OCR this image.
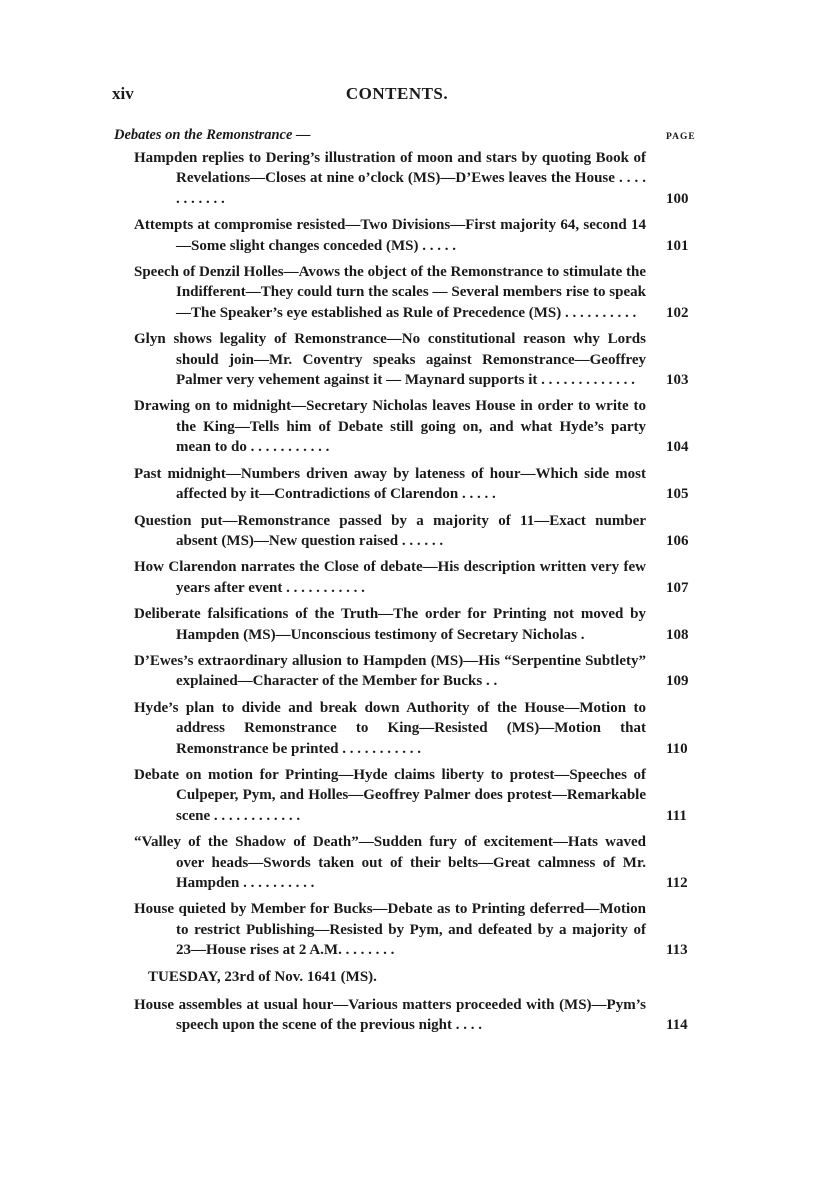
xiv	CONTENTS.
Debates on the Remonstrance —	PAGE
Hampden replies to Dering’s illustration of moon and stars by quoting Book of Revelations—Closes at nine o’clock (MS)—D’Ewes leaves the House . . . . . . . . . . .	100
Attempts at compromise resisted—Two Divisions—First majority 64, second 14—Some slight changes conceded (MS) . . . . .	101
Speech of Denzil Holles—Avows the object of the Remonstrance to stimulate the Indifferent—They could turn the scales — Several members rise to speak—The Speaker’s eye established as Rule of Precedence (MS) . . . . . . . . . . 102
Glyn shows legality of Remonstrance—No constitutional reason why Lords should join—Mr. Coventry speaks against Remonstrance—Geoffrey Palmer very vehement against it — Maynard supports it . . . . . . . . . . . . . 103
Drawing on to midnight—Secretary Nicholas leaves House in order to write to the King—Tells him of Debate still going on, and what Hyde’s party mean to do . . . . . . . . . . .	104
Past midnight—Numbers driven away by lateness of hour—Which side most affected by it—Contradictions of Clarendon . . . . .	105
Question put—Remonstrance passed by a majority of 11—Exact number absent (MS)—New question raised . . . . . .	106
How Clarendon narrates the Close of debate—His description written very few years after event . . . . . . . . . . .	107
Deliberate falsifications of the Truth—The order for Printing not moved by Hampden (MS)—Unconscious testimony of Secretary Nicholas .	108
D’Ewes’s extraordinary allusion to Hampden (MS)—His “Serpentine Subtlety” explained—Character of the Member for Bucks . .	109
Hyde’s plan to divide and break down Authority of the House—Motion to address Remonstrance to King—Resisted (MS)—Motion that Remonstrance be printed . . . . . . . . . . .	110
Debate on motion for Printing—Hyde claims liberty to protest—Speeches of Culpeper, Pym, and Holles—Geoffrey Palmer does protest—Remarkable scene . . . . . . . . . . . .	111
“Valley of the Shadow of Death”—Sudden fury of excitement—Hats waved over heads—Swords taken out of their belts—Great calmness of Mr. Hampden . . . . . . . . . .	112
House quieted by Member for Bucks—Debate as to Printing deferred—Motion to restrict Publishing—Resisted by Pym, and defeated by a majority of 23—House rises at 2 A.M. . . . . . . .	113
TUESDAY, 23rd of Nov. 1641 (MS).
House assembles at usual hour—Various matters proceeded with (MS)—Pym’s speech upon the scene of the previous night . . . .	114
